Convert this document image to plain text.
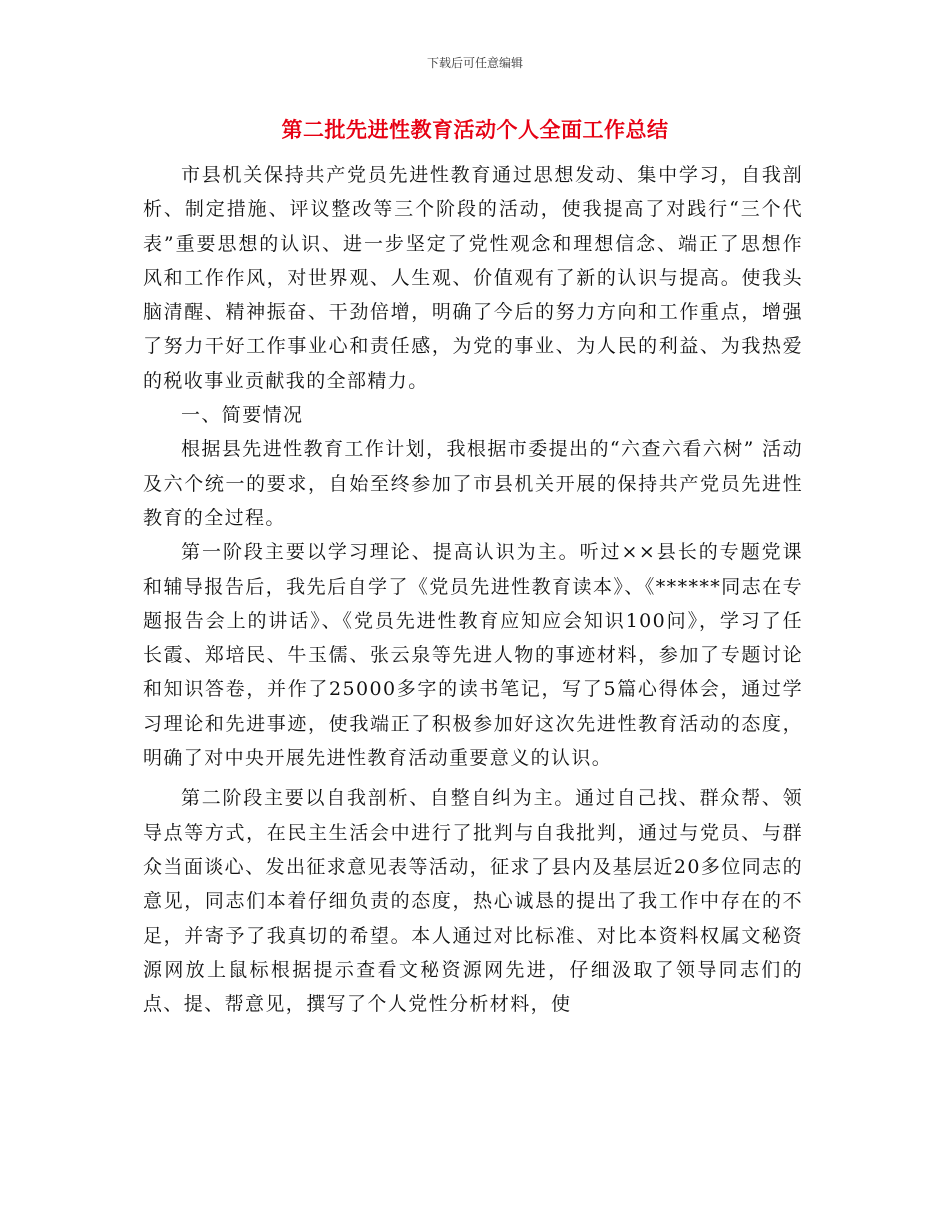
下载后可任意编辑
第二批先进性教育活动个人全面工作总结

市县机关保持共产党员先进性教育通过思想发动、集中学习，自我剖析、制定措施、评议整改等三个阶段的活动，使我提高了对践行“三个代表”重要思想的认识、进一步坚定了党性观念和理想信念、端正了思想作风和工作作风，对世界观、人生观、价值观有了新的认识与提高。使我头脑清醒、精神振奋、干劲倍增，明确了今后的努力方向和工作重点，增强了努力干好工作事业心和责任感，为党的事业、为人民的利益、为我热爱的税收事业贡献我的全部精力。

一、简要情况

根据县先进性教育工作计划，我根据市委提出的“六查六看六树” 活动及六个统一的要求，自始至终参加了市县机关开展的保持共产党员先进性教育的全过程。

第一阶段主要以学习理论、提高认识为主。听过××县长的专题党课和辅导报告后，我先后自学了《党员先进性教育读本》、《******同志在专题报告会上的讲话》、《党员先进性教育应知应会知识100问》，学习了任长霞、郑培民、牛玉儒、张云泉等先进人物的事迹材料，参加了专题讨论和知识答卷，并作了25000多字的读书笔记，写了5篇心得体会，通过学习理论和先进事迹，使我端正了积极参加好这次先进性教育活动的态度，明确了对中央开展先进性教育活动重要意义的认识。

第二阶段主要以自我剖析、自整自纠为主。通过自己找、群众帮、领导点等方式，在民主生活会中进行了批判与自我批判，通过与党员、与群众当面谈心、发出征求意见表等活动，征求了县内及基层近20多位同志的意见，同志们本着仔细负责的态度，热心诚恳的提出了我工作中存在的不足，并寄予了我真切的希望。本人通过对比标准、对比本资料权属文秘资源网放上鼠标根据提示查看文秘资源网先进，仔细汲取了领导同志们的点、提、帮意见，撰写了个人党性分析材料，使
